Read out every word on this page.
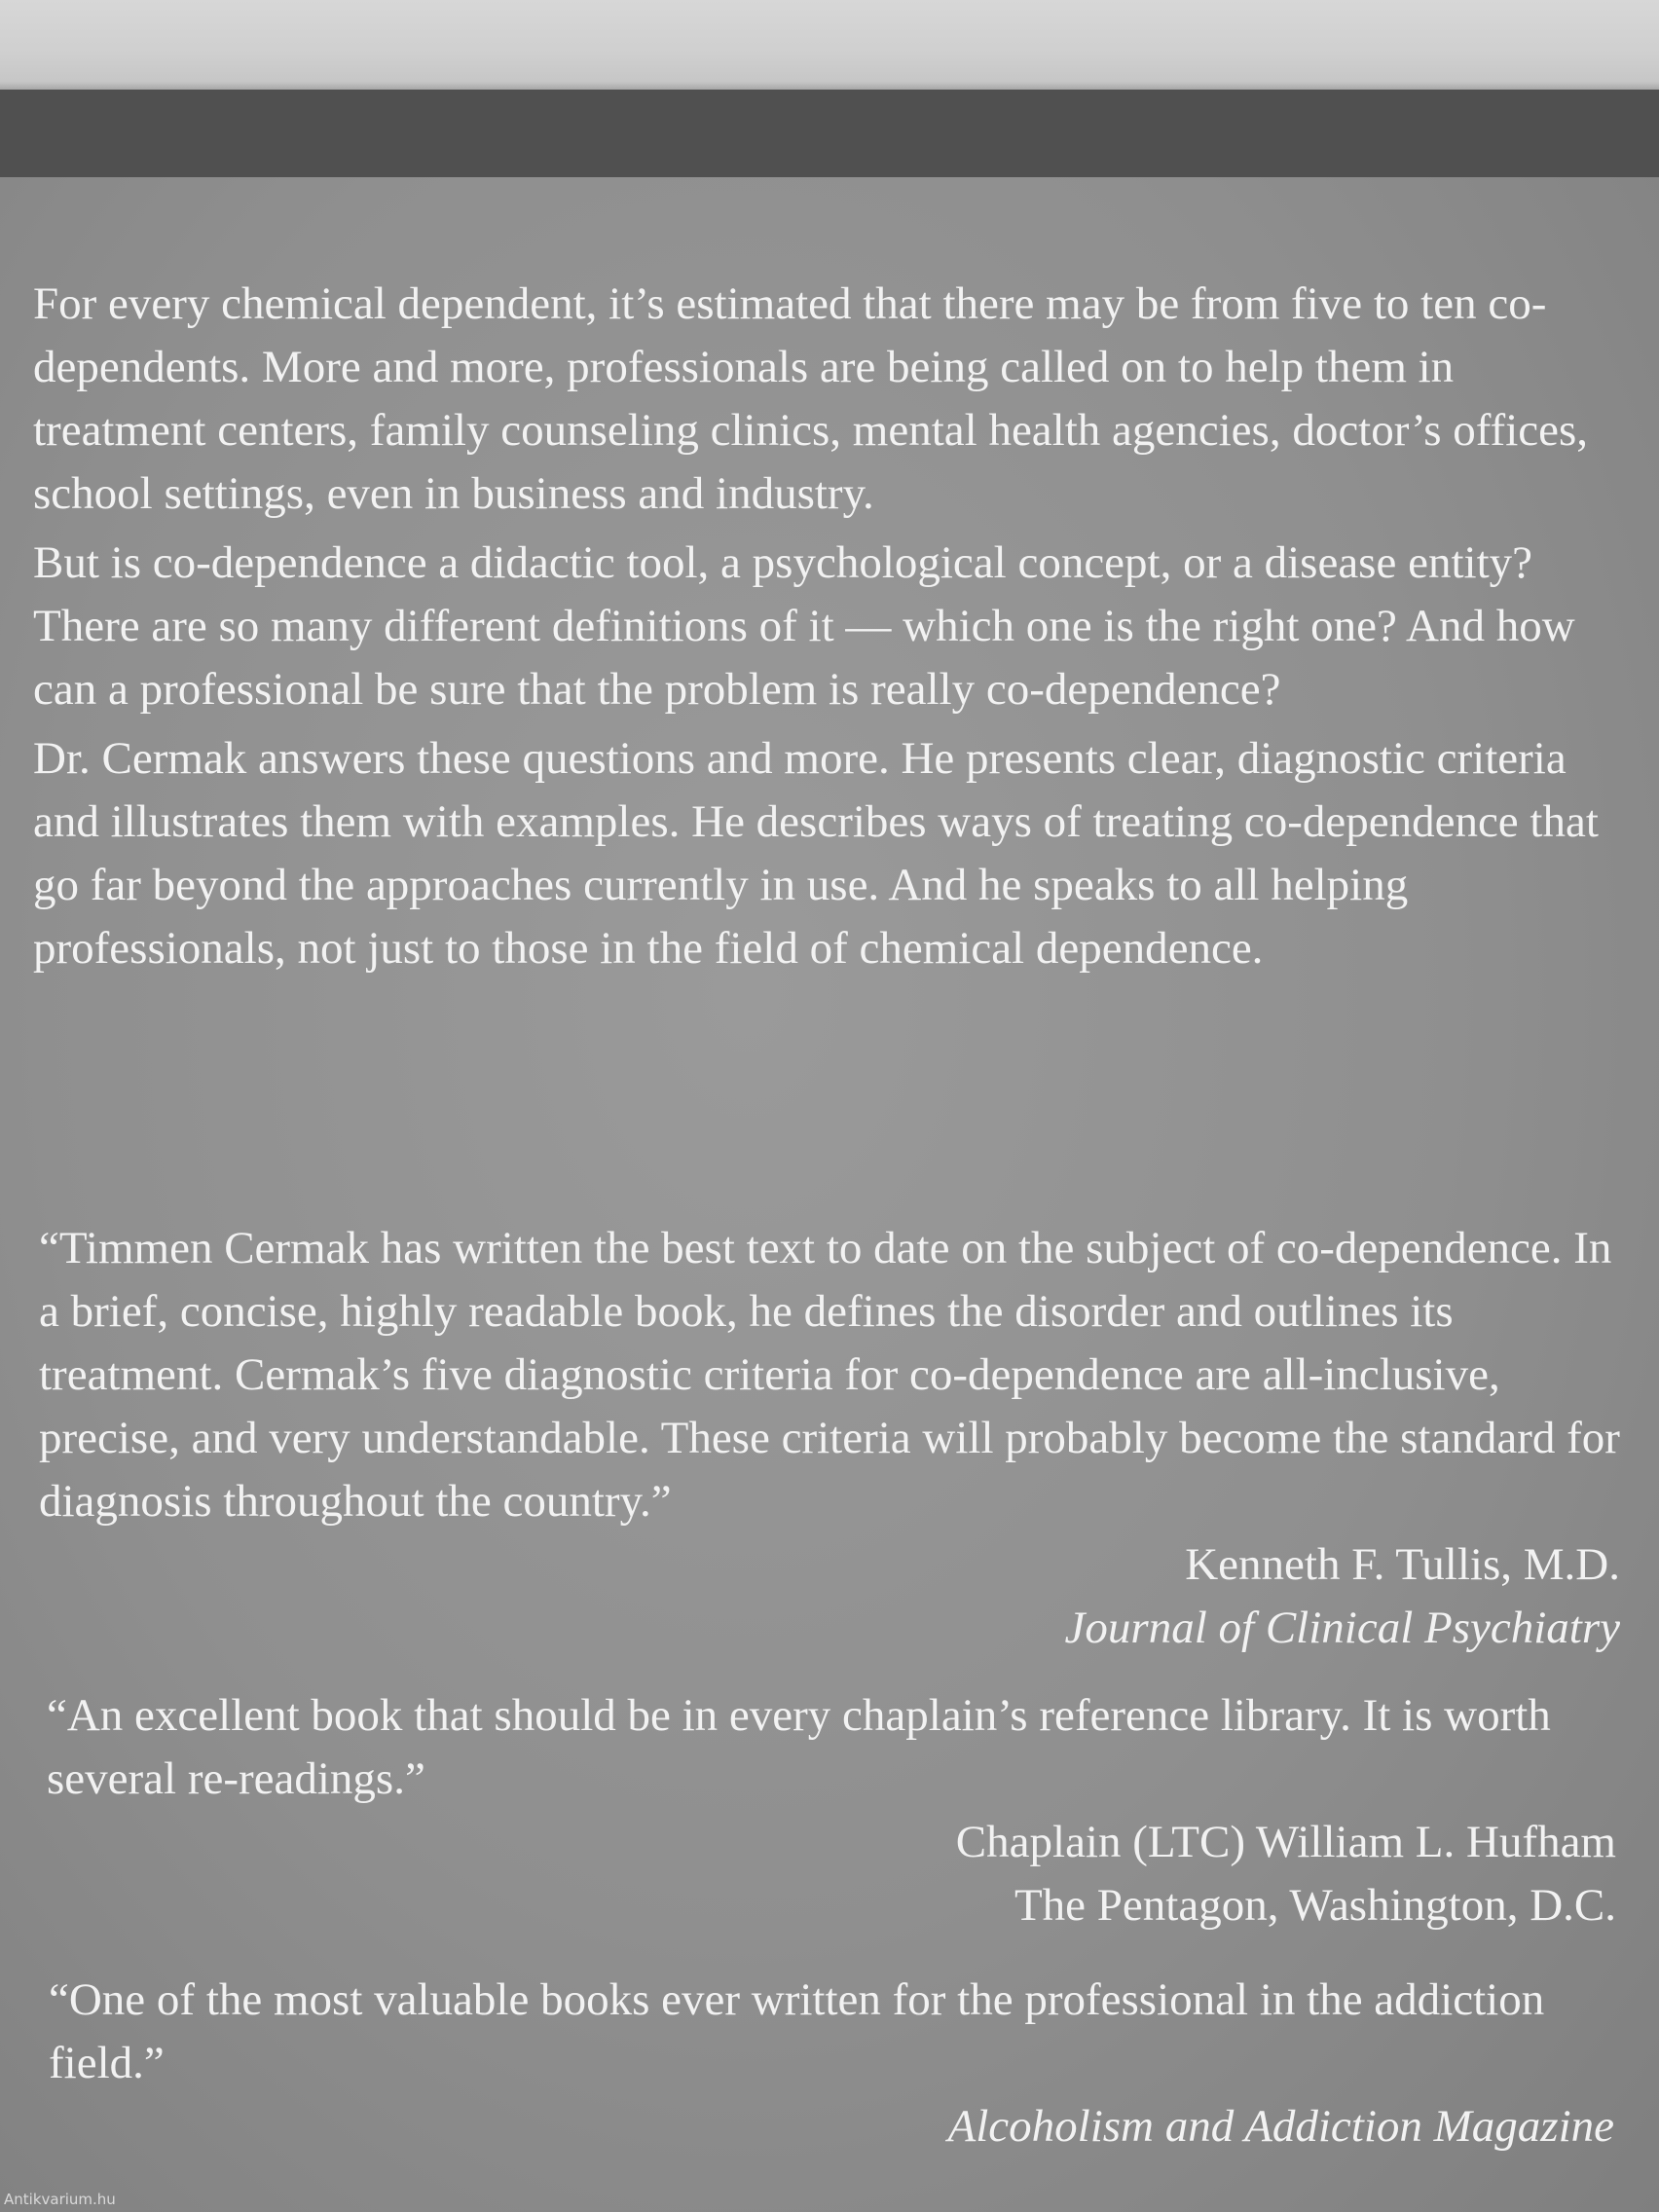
For every chemical dependent, it’s estimated that there may be from five to ten co-dependents. More and more, professionals are being called on to help them in treatment centers, family counseling clinics, mental health agencies, doctor’s offices, school settings, even in business and industry.

But is co-dependence a didactic tool, a psychological concept, or a disease entity? There are so many different definitions of it — which one is the right one? And how can a professional be sure that the problem is really co-dependence?

Dr. Cermak answers these questions and more. He presents clear, diagnostic criteria and illustrates them with examples. He describes ways of treating co-dependence that go far beyond the approaches currently in use. And he speaks to all helping professionals, not just to those in the field of chemical dependence.

“Timmen Cermak has written the best text to date on the subject of co-dependence. In a brief, concise, highly readable book, he defines the disorder and outlines its treatment. Cermak’s five diagnostic criteria for co-dependence are all-inclusive, precise, and very understandable. These criteria will probably become the standard for diagnosis throughout the country.”

Kenneth F. Tullis, M.D.

Journal of Clinical Psychiatry

“An excellent book that should be in every chaplain’s reference library. It is worth several re-readings.”

Chaplain (LTC) William L. Hufham

The Pentagon, Washington, D.C.

“One of the most valuable books ever written for the professional in the addiction field.”

Alcoholism and Addiction Magazine

Antikvarium.hu
